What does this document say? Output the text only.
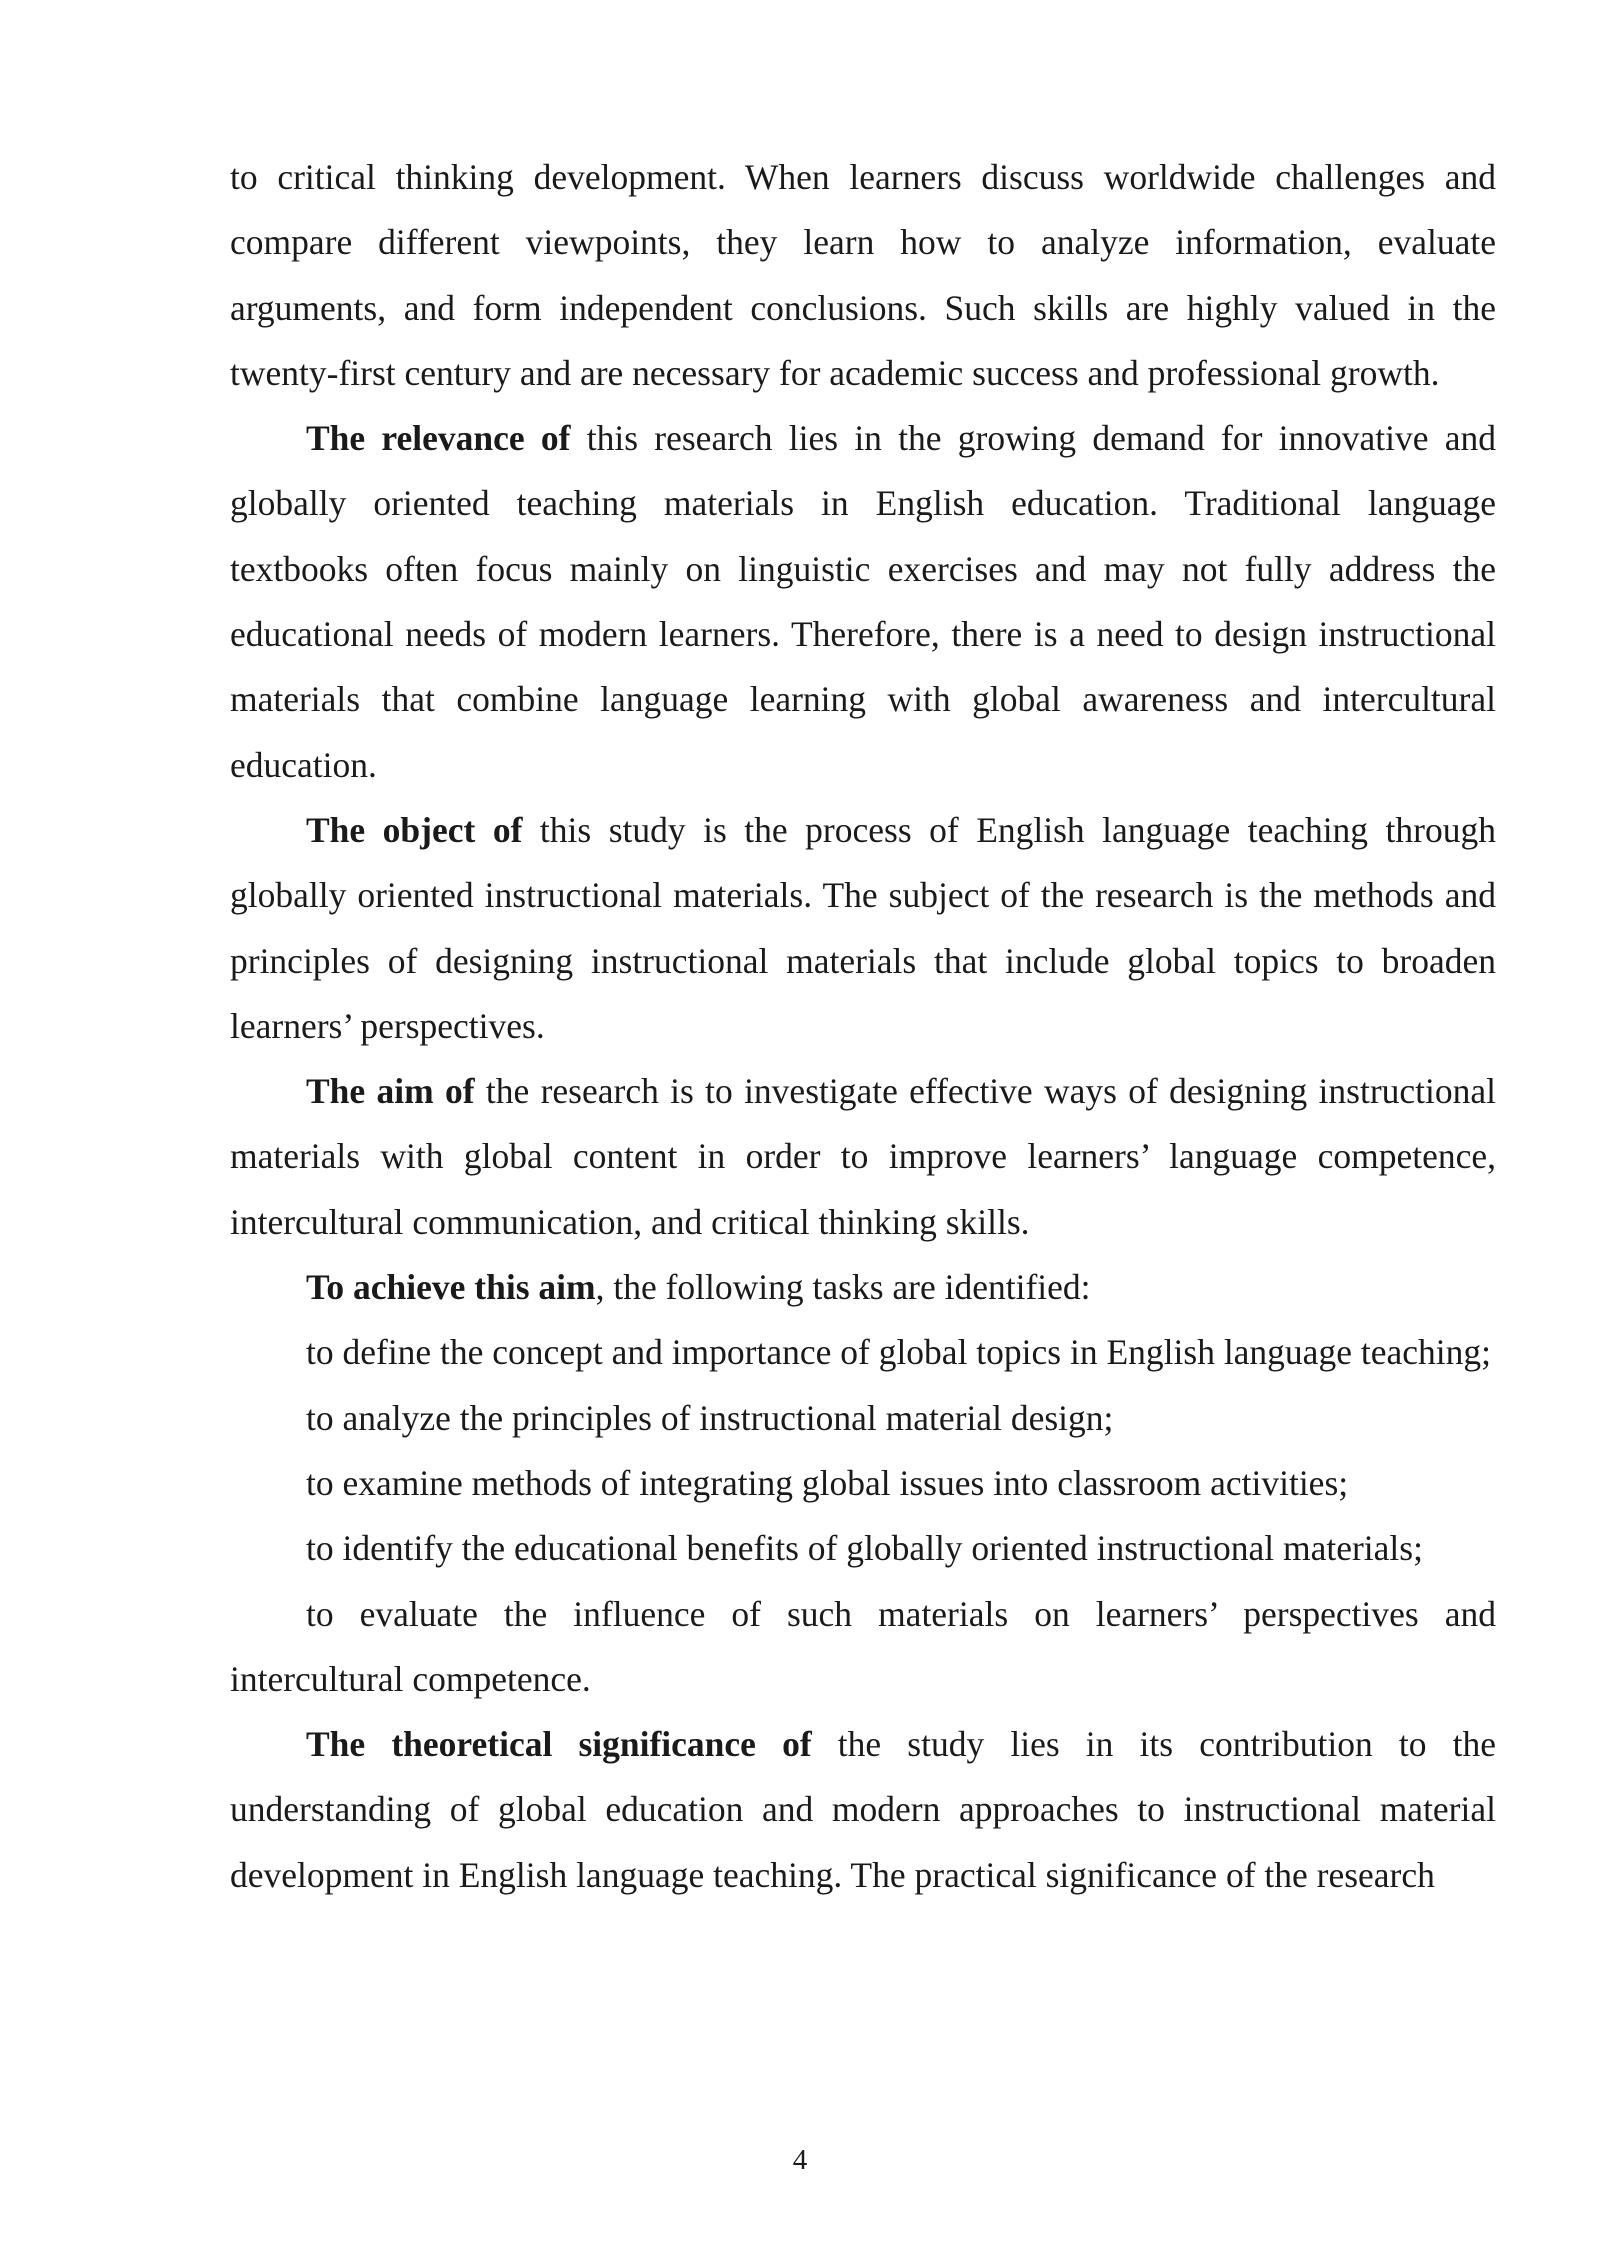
to critical thinking development. When learners discuss worldwide challenges and compare different viewpoints, they learn how to analyze information, evaluate arguments, and form independent conclusions. Such skills are highly valued in the twenty-first century and are necessary for academic success and professional growth.

The relevance of this research lies in the growing demand for innovative and globally oriented teaching materials in English education. Traditional language textbooks often focus mainly on linguistic exercises and may not fully address the educational needs of modern learners. Therefore, there is a need to design instructional materials that combine language learning with global awareness and intercultural education.

The object of this study is the process of English language teaching through globally oriented instructional materials. The subject of the research is the methods and principles of designing instructional materials that include global topics to broaden learners’ perspectives.

The aim of the research is to investigate effective ways of designing instructional materials with global content in order to improve learners’ language competence, intercultural communication, and critical thinking skills.

To achieve this aim, the following tasks are identified:

to define the concept and importance of global topics in English language teaching;

to analyze the principles of instructional material design;

to examine methods of integrating global issues into classroom activities;

to identify the educational benefits of globally oriented instructional materials;

to evaluate the influence of such materials on learners’ perspectives and intercultural competence.

The theoretical significance of the study lies in its contribution to the understanding of global education and modern approaches to instructional material development in English language teaching. The practical significance of the research

4
